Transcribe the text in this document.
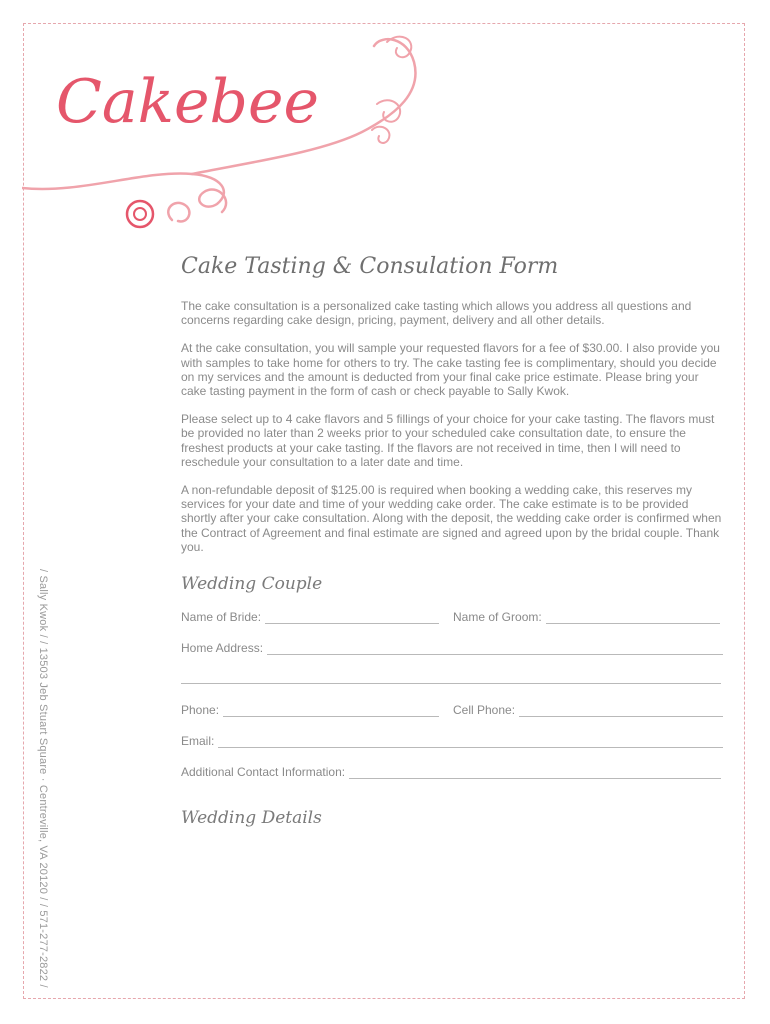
Cakebee
/ Sally Kwok / / 13503 Jeb Stuart Square · Centreville, VA 20120 / / 571-277-2822 /
Cake Tasting & Consulation Form

The cake consultation is a personalized cake tasting which allows you address all questions and concerns regarding cake design, pricing, payment, delivery and all other details.

At the cake consultation, you will sample your requested flavors for a fee of $30.00. I also provide you with samples to take home for others to try. The cake tasting fee is complimentary, should you decide on my services and the amount is deducted from your final cake price estimate. Please bring your cake tasting payment in the form of cash or check payable to Sally Kwok.

Please select up to 4 cake flavors and 5 fillings of your choice for your cake tasting. The flavors must be provided no later than 2 weeks prior to your scheduled cake consultation date, to ensure the freshest products at your cake tasting. If the flavors are not received in time, then I will need to reschedule your consultation to a later date and time.

A non-refundable deposit of $125.00 is required when booking a wedding cake, this reserves my services for your date and time of your wedding cake order. The cake estimate is to be provided shortly after your cake consultation. Along with the deposit, the wedding cake order is confirmed when the Contract of Agreement and final estimate are signed and agreed upon by the bridal couple. Thank you.

Wedding Couple
Name of Bride:	Name of Groom:
Home Address:
Phone:	Cell Phone:
Email:
Additional Contact Information:
Wedding Details
